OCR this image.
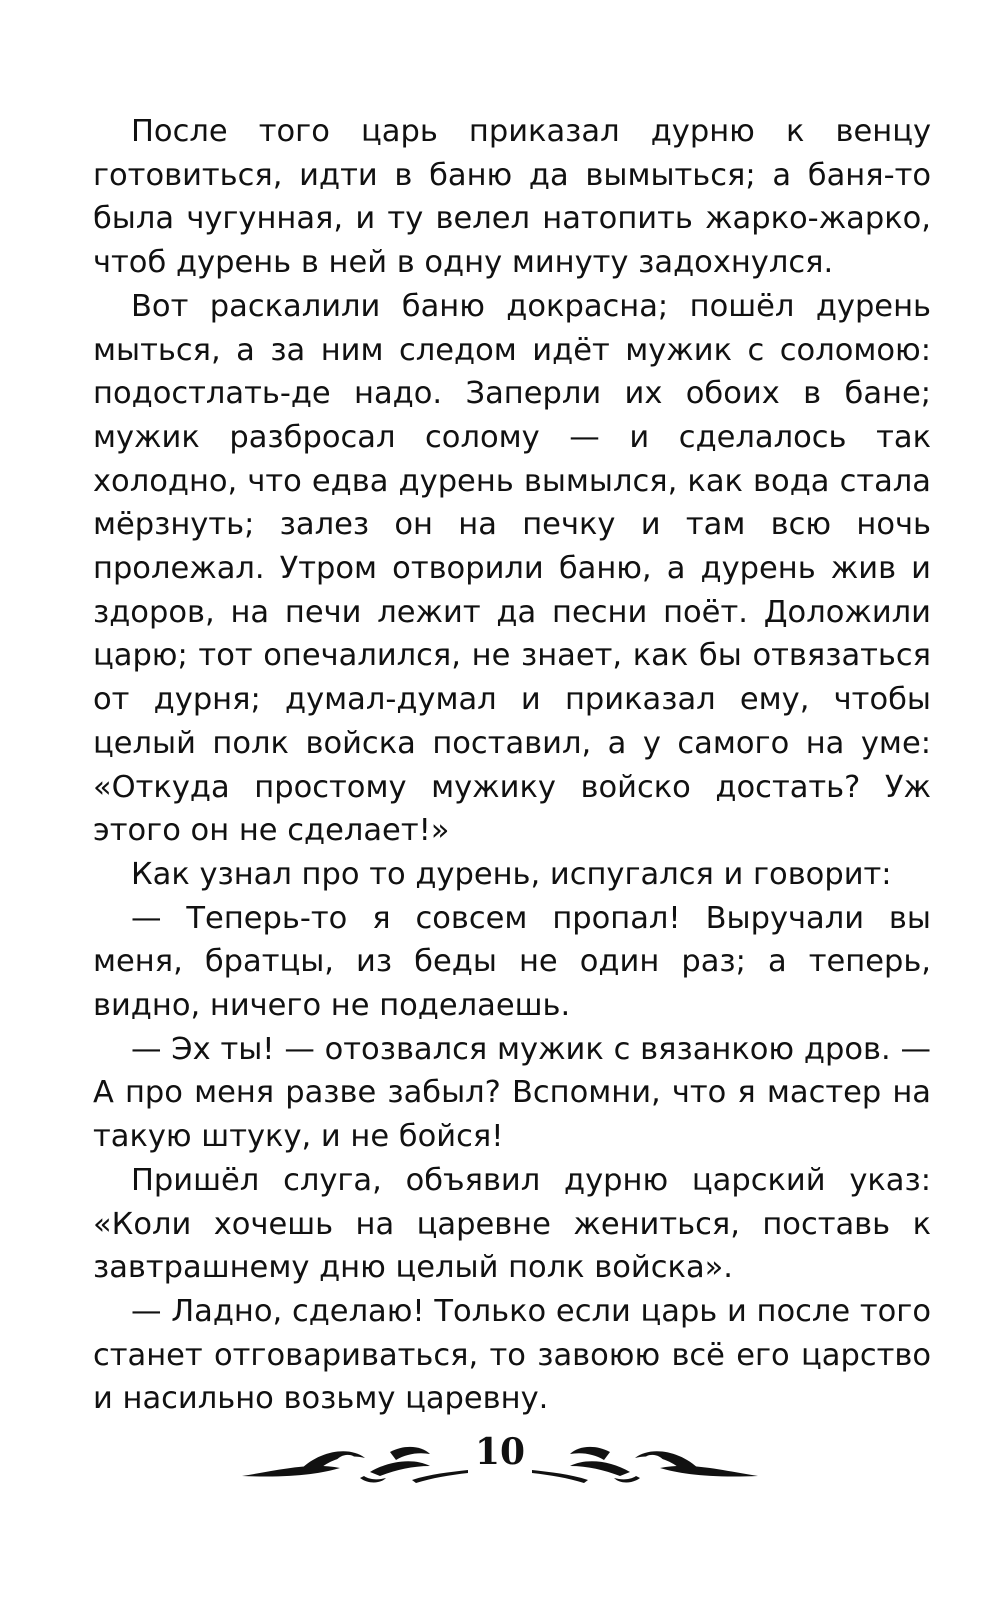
После того царь приказал дурню к венцу готовиться, идти в баню да вымыться; а баня-то была чугунная, и ту велел натопить жарко-жарко, чтоб дурень в ней в одну минуту задохнулся.

Вот раскалили баню докрасна; пошёл дурень мыться, а за ним следом идёт мужик с соломою: подостлать-де надо. Заперли их обоих в бане; мужик разбросал солому — и сделалось так холодно, что едва дурень вымылся, как вода стала мёрзнуть; залез он на печку и там всю ночь пролежал. Утром отворили баню, а дурень жив и здоров, на печи лежит да песни поёт. Доложили царю; тот опечалился, не знает, как бы отвязаться от дурня; думал-думал и приказал ему, чтобы целый полк войска поставил, а у самого на уме: «Откуда простому мужику войско достать? Уж этого он не сделает!»

Как узнал про то дурень, испугался и говорит:

— Теперь-то я совсем пропал! Выручали вы меня, братцы, из беды не один раз; а теперь, видно, ничего не поделаешь.

— Эх ты! — отозвался мужик с вязанкою дров. — А про меня разве забыл? Вспомни, что я мастер на такую штуку, и не бойся!

Пришёл слуга, объявил дурню царский указ: «Коли хочешь на царевне жениться, поставь к завтрашнему дню целый полк войска».

— Ладно, сделаю! Только если царь и после того станет отговариваться, то завоюю всё его царство и насильно возьму царевну.

10
